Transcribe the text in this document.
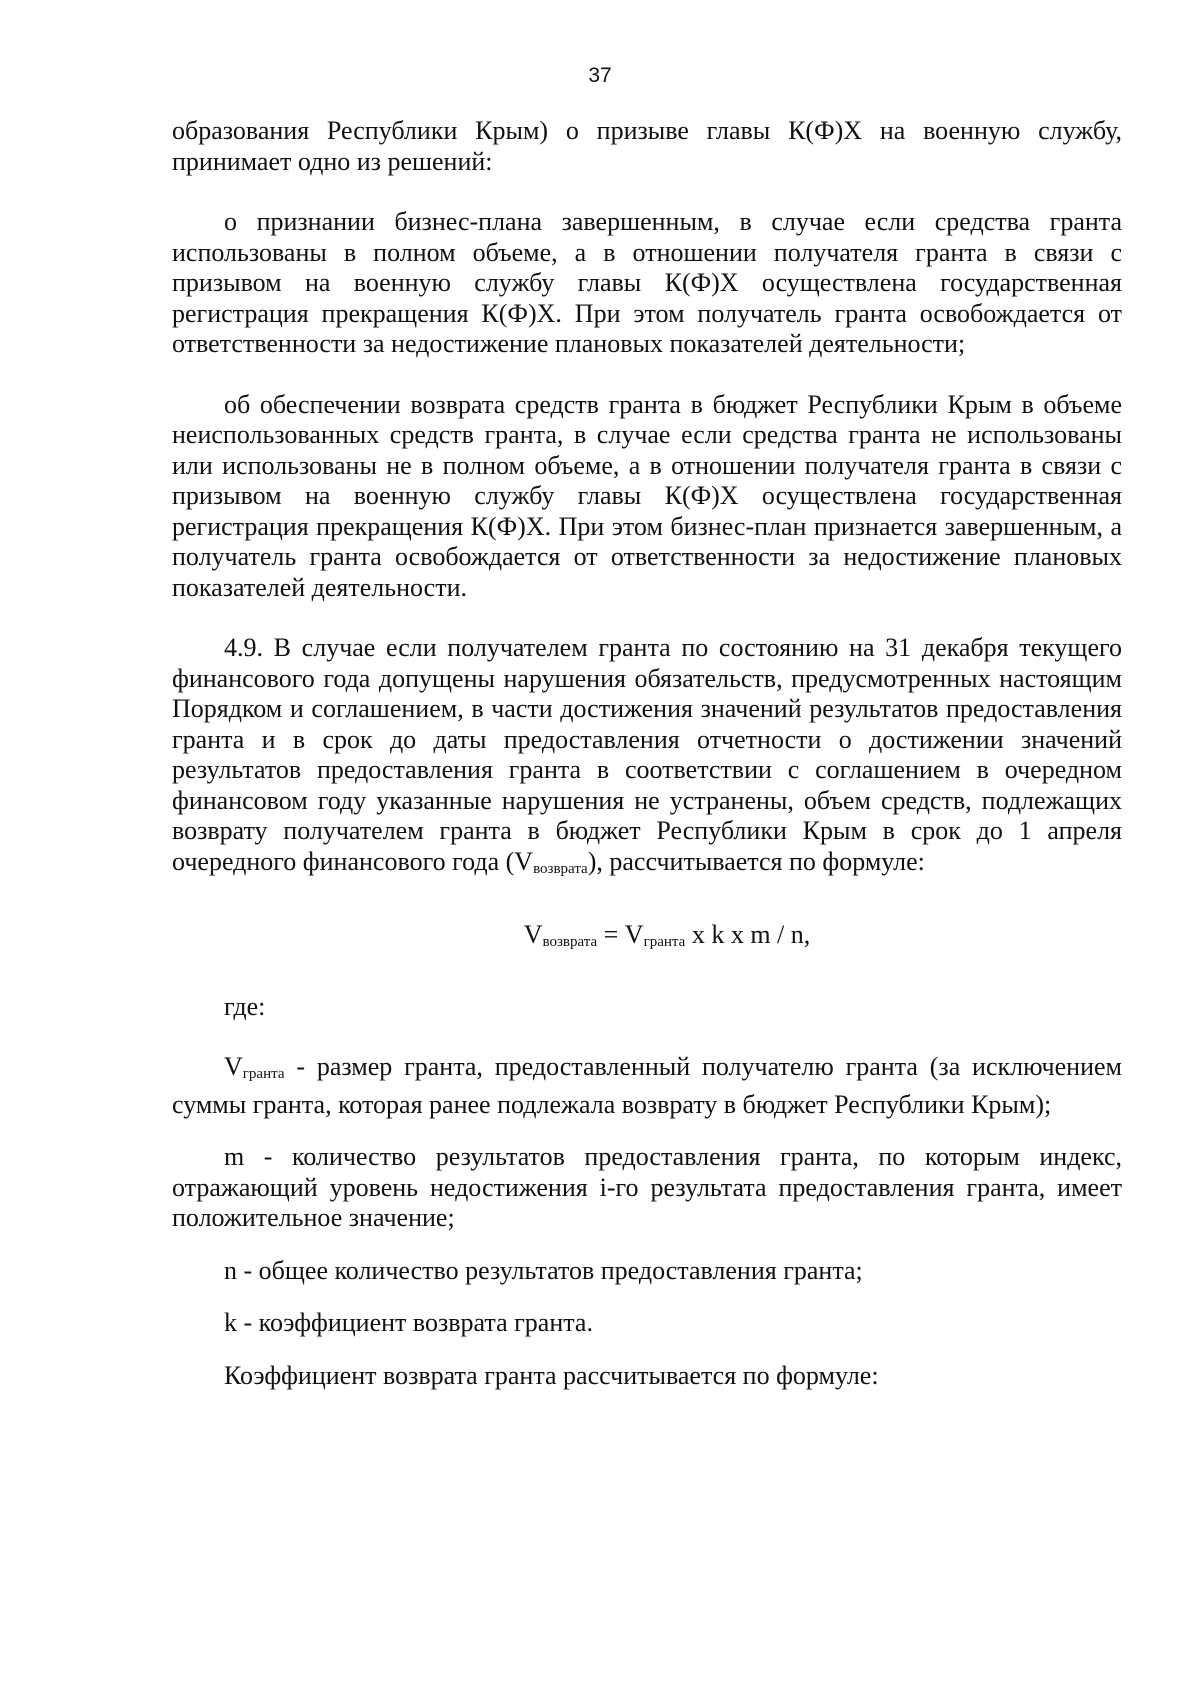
37

образования Республики Крым) о призыве главы К(Ф)Х на военную службу, принимает одно из решений:

о признании бизнес-плана завершенным, в случае если средства гранта использованы в полном объеме, а в отношении получателя гранта в связи с призывом на военную службу главы К(Ф)Х осуществлена государственная регистрация прекращения К(Ф)Х. При этом получатель гранта освобождается от ответственности за недостижение плановых показателей деятельности;

об обеспечении возврата средств гранта в бюджет Республики Крым в объеме неиспользованных средств гранта, в случае если средства гранта не использованы или использованы не в полном объеме, а в отношении получателя гранта в связи с призывом на военную службу главы К(Ф)Х осуществлена государственная регистрация прекращения К(Ф)Х. При этом бизнес-план признается завершенным, а получатель гранта освобождается от ответственности за недостижение плановых показателей деятельности.

4.9. В случае если получателем гранта по состоянию на 31 декабря текущего финансового года допущены нарушения обязательств, предусмотренных настоящим Порядком и соглашением, в части достижения значений результатов предоставления гранта и в срок до даты предоставления отчетности о достижении значений результатов предоставления гранта в соответствии с соглашением в очередном финансовом году указанные нарушения не устранены, объем средств, подлежащих возврату получателем гранта в бюджет Республики Крым в срок до 1 апреля очередного финансового года $(V_{возврата})$, рассчитывается по формуле:

$V_{возврата} = V_{гранта}$ х k х m / n,

где:

$V_{гранта}$ - размер гранта, предоставленный получателю гранта (за исключением суммы гранта, которая ранее подлежала возврату в бюджет Республики Крым);

m - количество результатов предоставления гранта, по которым индекс, отражающий уровень недостижения i-го результата предоставления гранта, имеет положительное значение;

n - общее количество результатов предоставления гранта;

k - коэффициент возврата гранта.

Коэффициент возврата гранта рассчитывается по формуле:
